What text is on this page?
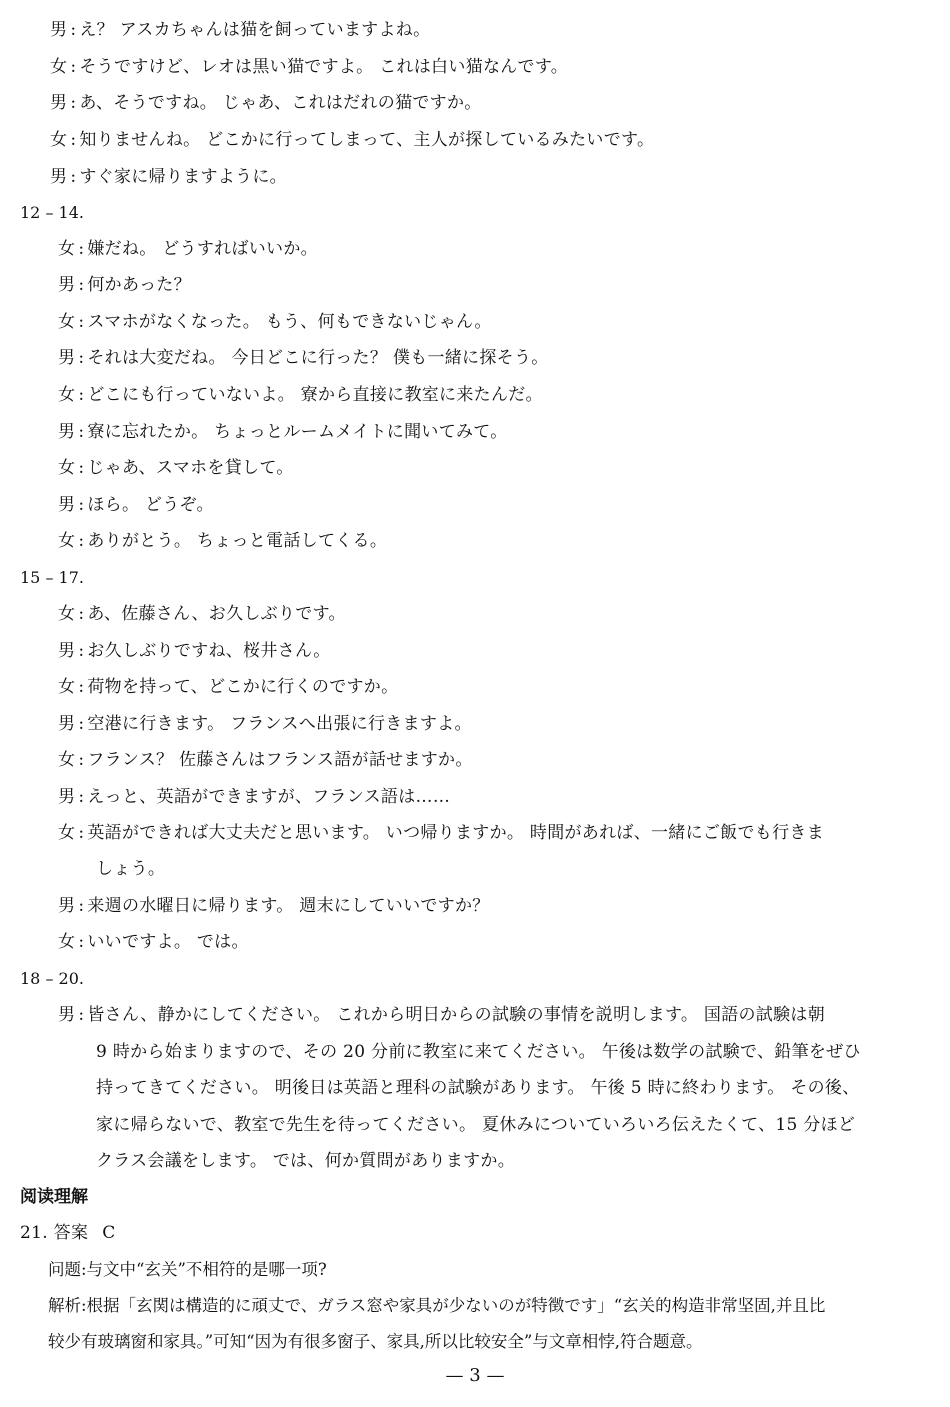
男 : え？ アスカちゃんは猫を飼っていますよね。
女 : そうですけど、レオは黒い猫ですよ。 これは白い猫なんです。
男 : あ、そうですね。 じゃあ、これはだれの猫ですか。
女 : 知りませんね。 どこかに行ってしまって、主人が探しているみたいです。
男 : すぐ家に帰りますように。
12 – 14.
女 : 嫌だね。 どうすればいいか。
男 : 何かあった？
女 : スマホがなくなった。 もう、何もできないじゃん。
男 : それは大変だね。 今日どこに行った？ 僕も一緒に探そう。
女 : どこにも行っていないよ。 寮から直接に教室に来たんだ。
男 : 寮に忘れたか。 ちょっとルームメイトに聞いてみて。
女 : じゃあ、スマホを貸して。
男 : ほら。 どうぞ。
女 : ありがとう。 ちょっと電話してくる。
15 – 17.
女 : あ、佐藤さん、お久しぶりです。
男 : お久しぶりですね、桜井さん。
女 : 荷物を持って、どこかに行くのですか。
男 : 空港に行きます。 フランスへ出張に行きますよ。
女 : フランス？ 佐藤さんはフランス語が話せますか。
男 : えっと、英語ができますが、フランス語は……
女 : 英語ができれば大丈夫だと思います。 いつ帰りますか。 時間があれば、一緒にご飯でも行きま
しょう。
男 : 来週の水曜日に帰ります。 週末にしていいですか？
女 : いいですよ。 では。
18 – 20.
男 : 皆さん、静かにしてください。 これから明日からの試験の事情を説明します。 国語の試験は朝
9 時から始まりますので、その 20 分前に教室に来てください。 午後は数学の試験で、鉛筆をぜひ
持ってきてください。 明後日は英語と理科の試験があります。 午後 5 時に終わります。 その後、
家に帰らないで、教室で先生を待ってください。 夏休みについていろいろ伝えたくて、15 分ほど
クラス会議をします。 では、何か質問がありますか。
阅读理解
21. 答案 C
问题:与文中“玄关”不相符的是哪一项?
解析:根据「玄関は構造的に頑丈で、ガラス窓や家具が少ないのが特徴です」“玄关的构造非常坚固,并且比
较少有玻璃窗和家具。”可知“因为有很多窗子、家具,所以比较安全”与文章相悖,符合题意。
— 3 —
